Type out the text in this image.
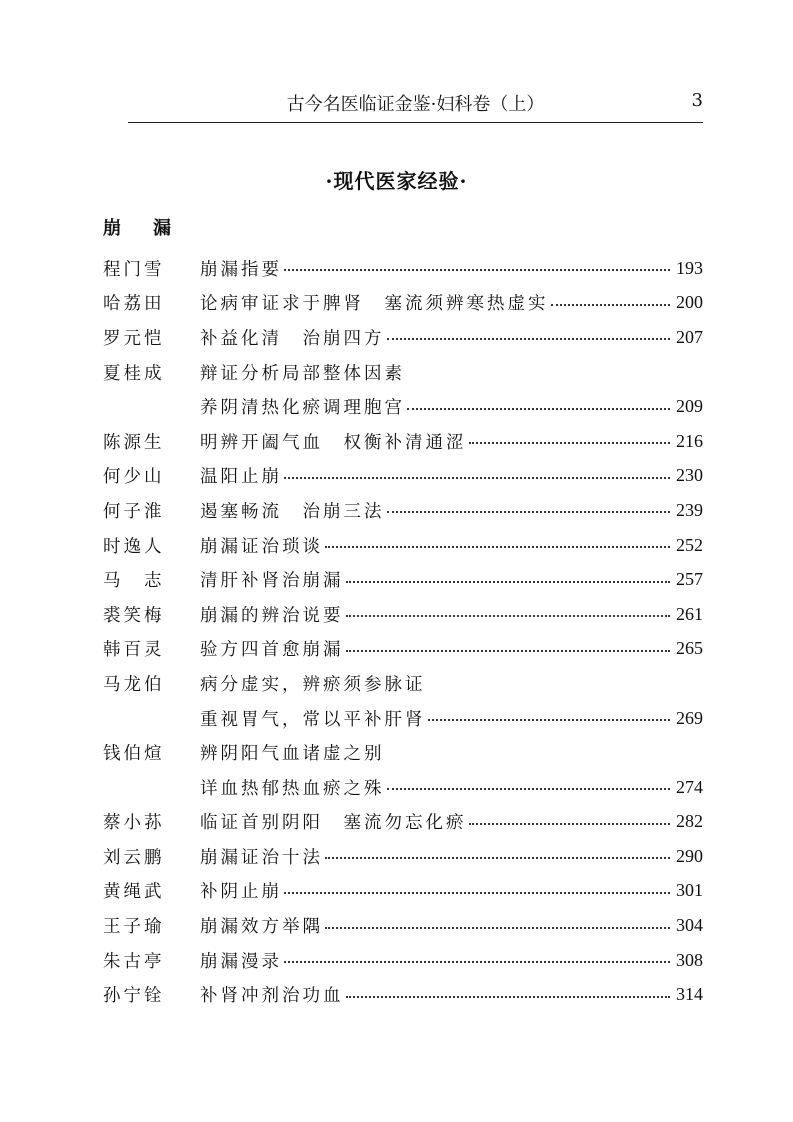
古今名医临证金鉴·妇科卷（上）	3
·现代医家经验·
崩 漏
程门雪	崩漏指要	193
哈荔田	论病审证求于脾肾　塞流须辨寒热虚实	200
罗元恺	补益化清　治崩四方	207
夏桂成	辩证分析局部整体因素
养阴清热化瘀调理胞宫	209
陈源生	明辨开阖气血　权衡补清通涩	216
何少山	温阳止崩	230
何子淮	遏塞畅流　治崩三法	239
时逸人	崩漏证治琐谈	252
马　志	清肝补肾治崩漏	257
裘笑梅	崩漏的辨治说要	261
韩百灵	验方四首愈崩漏	265
马龙伯	病分虚实，辨瘀须参脉证
重视胃气，常以平补肝肾	269
钱伯煊	辨阴阳气血诸虚之别
详血热郁热血瘀之殊	274
蔡小荪	临证首别阴阳　塞流勿忘化瘀	282
刘云鹏	崩漏证治十法	290
黄绳武	补阴止崩	301
王子瑜	崩漏效方举隅	304
朱古亭	崩漏漫录	308
孙宁铨	补肾冲剂治功血	314
